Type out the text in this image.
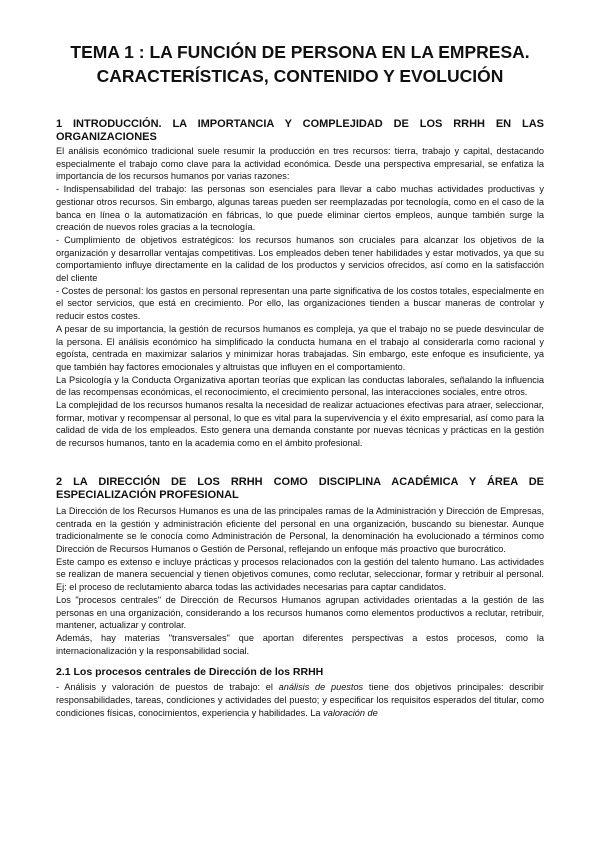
TEMA 1 : LA FUNCIÓN DE PERSONA EN LA EMPRESA.
CARACTERÍSTICAS, CONTENIDO Y EVOLUCIÓN
1 INTRODUCCIÓN. LA IMPORTANCIA Y COMPLEJIDAD DE LOS RRHH EN LAS ORGANIZACIONES

El análisis económico tradicional suele resumir la producción en tres recursos: tierra, trabajo y capital, destacando especialmente el trabajo como clave para la actividad económica. Desde una perspectiva empresarial, se enfatiza la importancia de los recursos humanos por varias razones:

- Indispensabilidad del trabajo: las personas son esenciales para llevar a cabo muchas actividades productivas y gestionar otros recursos. Sin embargo, algunas tareas pueden ser reemplazadas por tecnología, como en el caso de la banca en línea o la automatización en fábricas, lo que puede eliminar ciertos empleos, aunque también surge la creación de nuevos roles gracias a la tecnología.

- Cumplimiento de objetivos estratégicos: los recursos humanos son cruciales para alcanzar los objetivos de la organización y desarrollar ventajas competitivas. Los empleados deben tener habilidades y estar motivados, ya que su comportamiento influye directamente en la calidad de los productos y servicios ofrecidos, así como en la satisfacción del cliente

- Costes de personal: los gastos en personal representan una parte significativa de los costos totales, especialmente en el sector servicios, que está en crecimiento. Por ello, las organizaciones tienden a buscar maneras de controlar y reducir estos costes.

A pesar de su importancia, la gestión de recursos humanos es compleja, ya que el trabajo no se puede desvincular de la persona. El análisis económico ha simplificado la conducta humana en el trabajo al considerarla como racional y egoísta, centrada en maximizar salarios y minimizar horas trabajadas. Sin embargo, este enfoque es insuficiente, ya que también hay factores emocionales y altruistas que influyen en el comportamiento.

La Psicología y la Conducta Organizativa aportan teorías que explican las conductas laborales, señalando la influencia de las recompensas económicas, el reconocimiento, el crecimiento personal, las interacciones sociales, entre otros.

La complejidad de los recursos humanos resalta la necesidad de realizar actuaciones efectivas para atraer, seleccionar, formar, motivar y recompensar al personal, lo que es vital para la supervivencia y el éxito empresarial, así como para la calidad de vida de los empleados. Esto genera una demanda constante por nuevas técnicas y prácticas en la gestión de recursos humanos, tanto en la academia como en el ámbito profesional.

2 LA DIRECCIÓN DE LOS RRHH COMO DISCIPLINA ACADÉMICA Y ÁREA DE ESPECIALIZACIÓN PROFESIONAL

La Dirección de los Recursos Humanos es una de las principales ramas de la Administración y Dirección de Empresas, centrada en la gestión y administración eficiente del personal en una organización, buscando su bienestar. Aunque tradicionalmente se le conocía como Administración de Personal, la denominación ha evolucionado a términos como Dirección de Recursos Humanos o Gestión de Personal, reflejando un enfoque más proactivo que burocrático.

Este campo es extenso e incluye prácticas y procesos relacionados con la gestión del talento humano. Las actividades se realizan de manera secuencial y tienen objetivos comunes, como reclutar, seleccionar, formar y retribuir al personal. Ej: el proceso de reclutamiento abarca todas las actividades necesarias para captar candidatos.

Los "procesos centrales" de Dirección de Recursos Humanos agrupan actividades orientadas a la gestión de las personas en una organización, considerando a los recursos humanos como elementos productivos a reclutar, retribuir, mantener, actualizar y controlar.

Además, hay materias "transversales" que aportan diferentes perspectivas a estos procesos, como la internacionalización y la responsabilidad social.

2.1 Los procesos centrales de Dirección de los RRHH

- Análisis y valoración de puestos de trabajo: el análisis de puestos tiene dos objetivos principales: describir responsabilidades, tareas, condiciones y actividades del puesto; y especificar los requisitos esperados del titular, como condiciones físicas, conocimientos, experiencia y habilidades. La valoración de
